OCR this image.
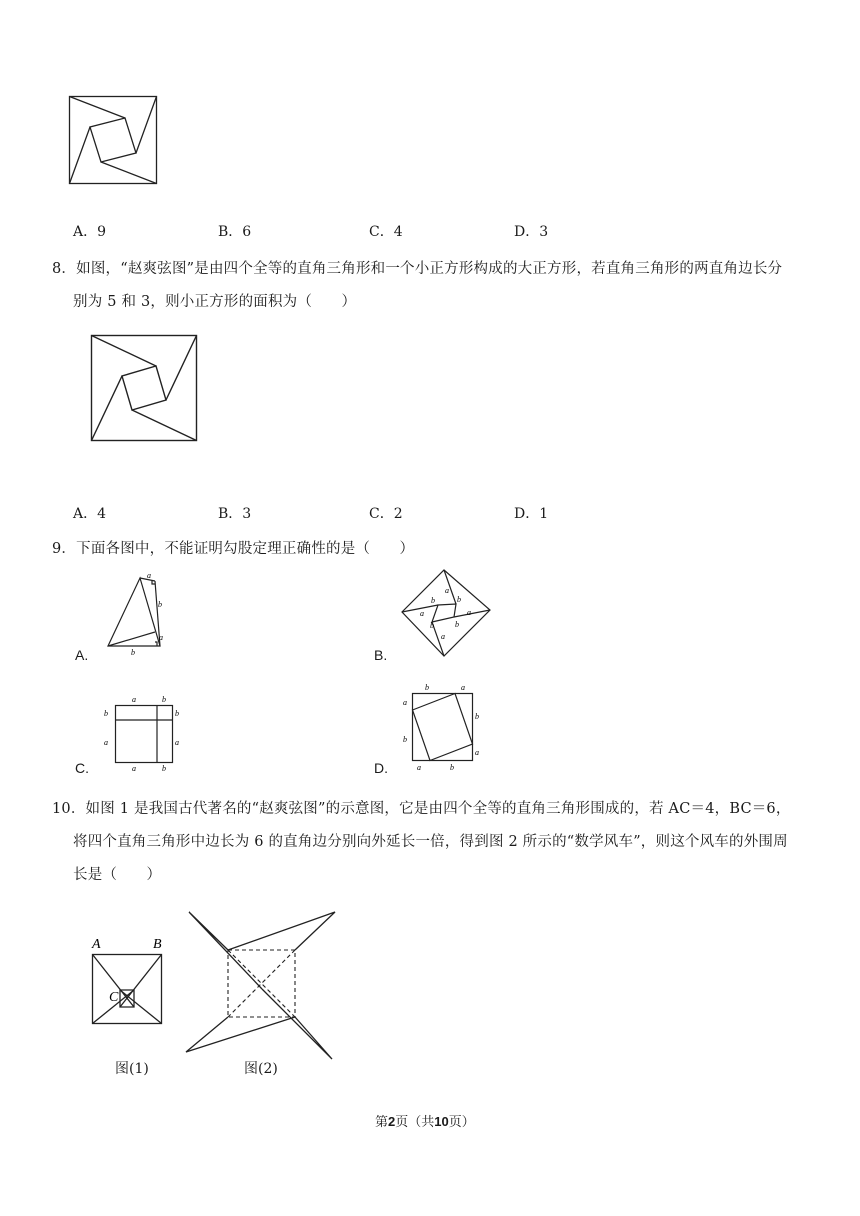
A．9	B．6	C．4	D．3
8．如图，“赵爽弦图”是由四个全等的直角三角形和一个小正方形构成的大正方形，若直角三角形的两直角边长分
别为 5 和 3，则小正方形的面积为（　　）
A．4	B．3	C．2	D．1
9．下面各图中，不能证明勾股定理正确性的是（　　）
a
b
a
b
A.
a
b	b
a	a
b	b
a
B.
a	b
b
a
b
a
a	b
C.
b	a
a
b
b
a
a	b
D.
10．如图 1 是我国古代著名的“赵爽弦图”的示意图，它是由四个全等的直角三角形围成的，若 AC＝4，BC＝6，
将四个直角三角形中边长为 6 的直角边分别向外延长一倍，得到图 2 所示的“数学风车”，则这个风车的外围周
长是（　　）
A	B
C
图(1)	图(2)
第2页（共10页）
